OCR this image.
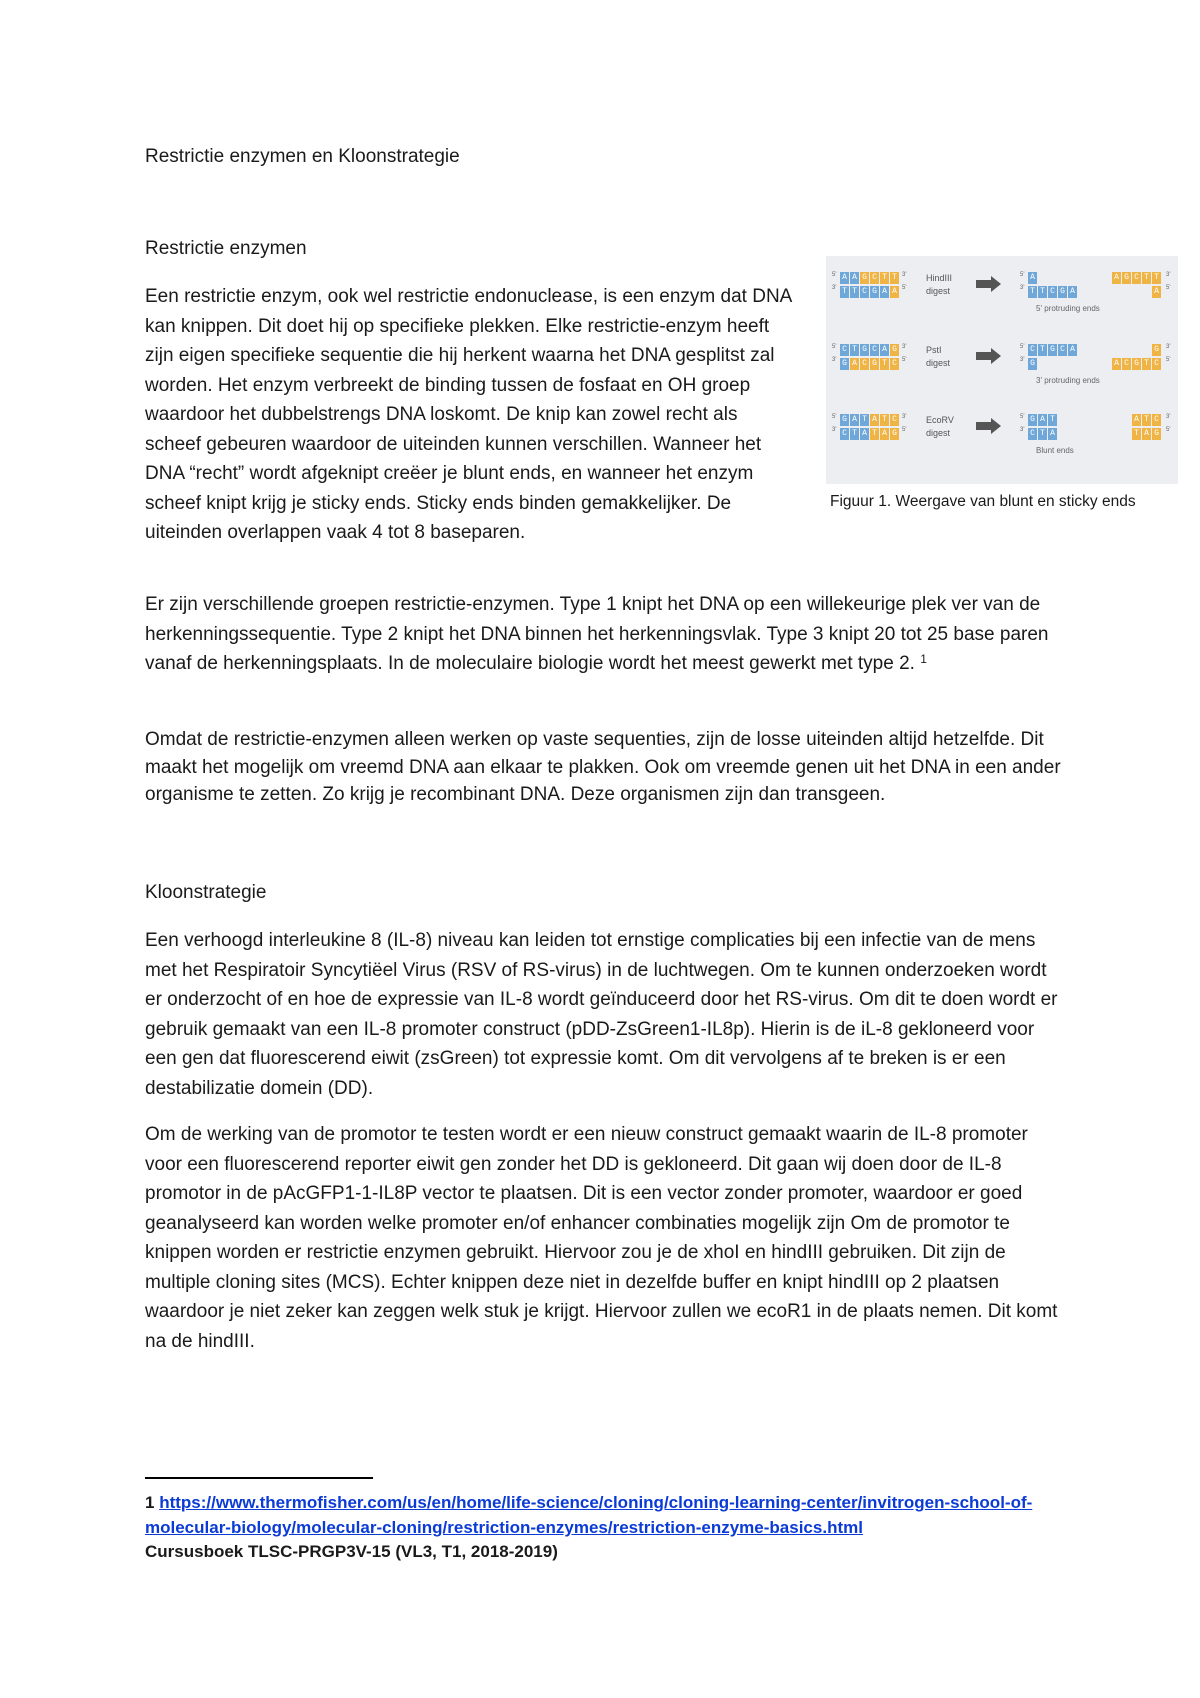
Restrictie enzymen en Kloonstrategie
Restrictie enzymen
Een restrictie enzym, ook wel restrictie endonuclease, is een enzym dat DNA kan knippen. Dit doet hij op specifieke plekken. Elke restrictie-enzym heeft zijn eigen specifieke sequentie die hij herkent waarna het DNA gesplitst zal worden. Het enzym verbreekt de binding tussen de fosfaat en OH groep waardoor het dubbelstrengs DNA loskomt. De knip kan zowel recht als scheef gebeuren waardoor de uiteinden kunnen verschillen. Wanneer het DNA “recht” wordt afgeknipt creëer je blunt ends, en wanneer het enzym scheef knipt krijg je sticky ends. Sticky ends binden gemakkelijker. De uiteinden overlappen vaak 4 tot 8 baseparen.
5'
3'
A A G C T T
T T C G A A
3'
5'
HindIII
digest
5'
3'
A
T T C G A
A G C T T
A
3'
5'
5' protruding ends
5'
3'
C T G C A G
G A C G T C
3'
5'
PstI
digest
5'
3'
C T G C A
G
G
A C G T C
3'
5'
3' protruding ends
5'
3'
G A T A T C
C T A T A G
3'
5'
EcoRV
digest
5'
3'
G A T
C T A
A T C
T A G
3'
5'
Blunt ends
Figuur 1. Weergave van blunt en sticky ends
Er zijn verschillende groepen restrictie-enzymen. Type 1 knipt het DNA op een willekeurige plek ver van de herkenningssequentie. Type 2 knipt het DNA binnen het herkenningsvlak. Type 3 knipt 20 tot 25 base paren vanaf de herkenningsplaats. In de moleculaire biologie wordt het meest gewerkt met type 2. $^1$
Omdat de restrictie-enzymen alleen werken op vaste sequenties, zijn de losse uiteinden altijd hetzelfde. Dit maakt het mogelijk om vreemd DNA aan elkaar te plakken. Ook om vreemde genen uit het DNA in een ander organisme te zetten. Zo krijg je recombinant DNA. Deze organismen zijn dan transgeen.
Kloonstrategie
Een verhoogd interleukine 8 (IL-8) niveau kan leiden tot ernstige complicaties bij een infectie van de mens met het Respiratoir Syncytiëel Virus (RSV of RS-virus) in de luchtwegen. Om te kunnen onderzoeken wordt er onderzocht of en hoe de expressie van IL-8 wordt geïnduceerd door het RS-virus. Om dit te doen wordt er gebruik gemaakt van een IL-8 promoter construct (pDD-ZsGreen1-IL8p). Hierin is de iL-8 gekloneerd voor een gen dat fluorescerend eiwit (zsGreen) tot expressie komt. Om dit vervolgens af te breken is er een destabilizatie domein (DD).
Om de werking van de promotor te testen wordt er een nieuw construct gemaakt waarin de IL-8 promoter voor een fluorescerend reporter eiwit gen zonder het DD is gekloneerd. Dit gaan wij doen door de IL-8 promotor in de pAcGFP1-1-IL8P vector te plaatsen. Dit is een vector zonder promoter, waardoor er goed geanalyseerd kan worden welke promoter en/of enhancer combinaties mogelijk zijn Om de promotor te knippen worden er restrictie enzymen gebruikt. Hiervoor zou je de xhoI en hindIII gebruiken. Dit zijn de multiple cloning sites (MCS). Echter knippen deze niet in dezelfde buffer en knipt hindIII op 2 plaatsen waardoor je niet zeker kan zeggen welk stuk je krijgt. Hiervoor zullen we ecoR1 in de plaats nemen. Dit komt na de hindIII.
1 https://www.thermofisher.com/us/en/home/life-science/cloning/cloning-learning-center/invitrogen-school-of-molecular-biology/molecular-cloning/restriction-enzymes/restriction-enzyme-basics.html
Cursusboek TLSC-PRGP3V-15 (VL3, T1, 2018-2019)
